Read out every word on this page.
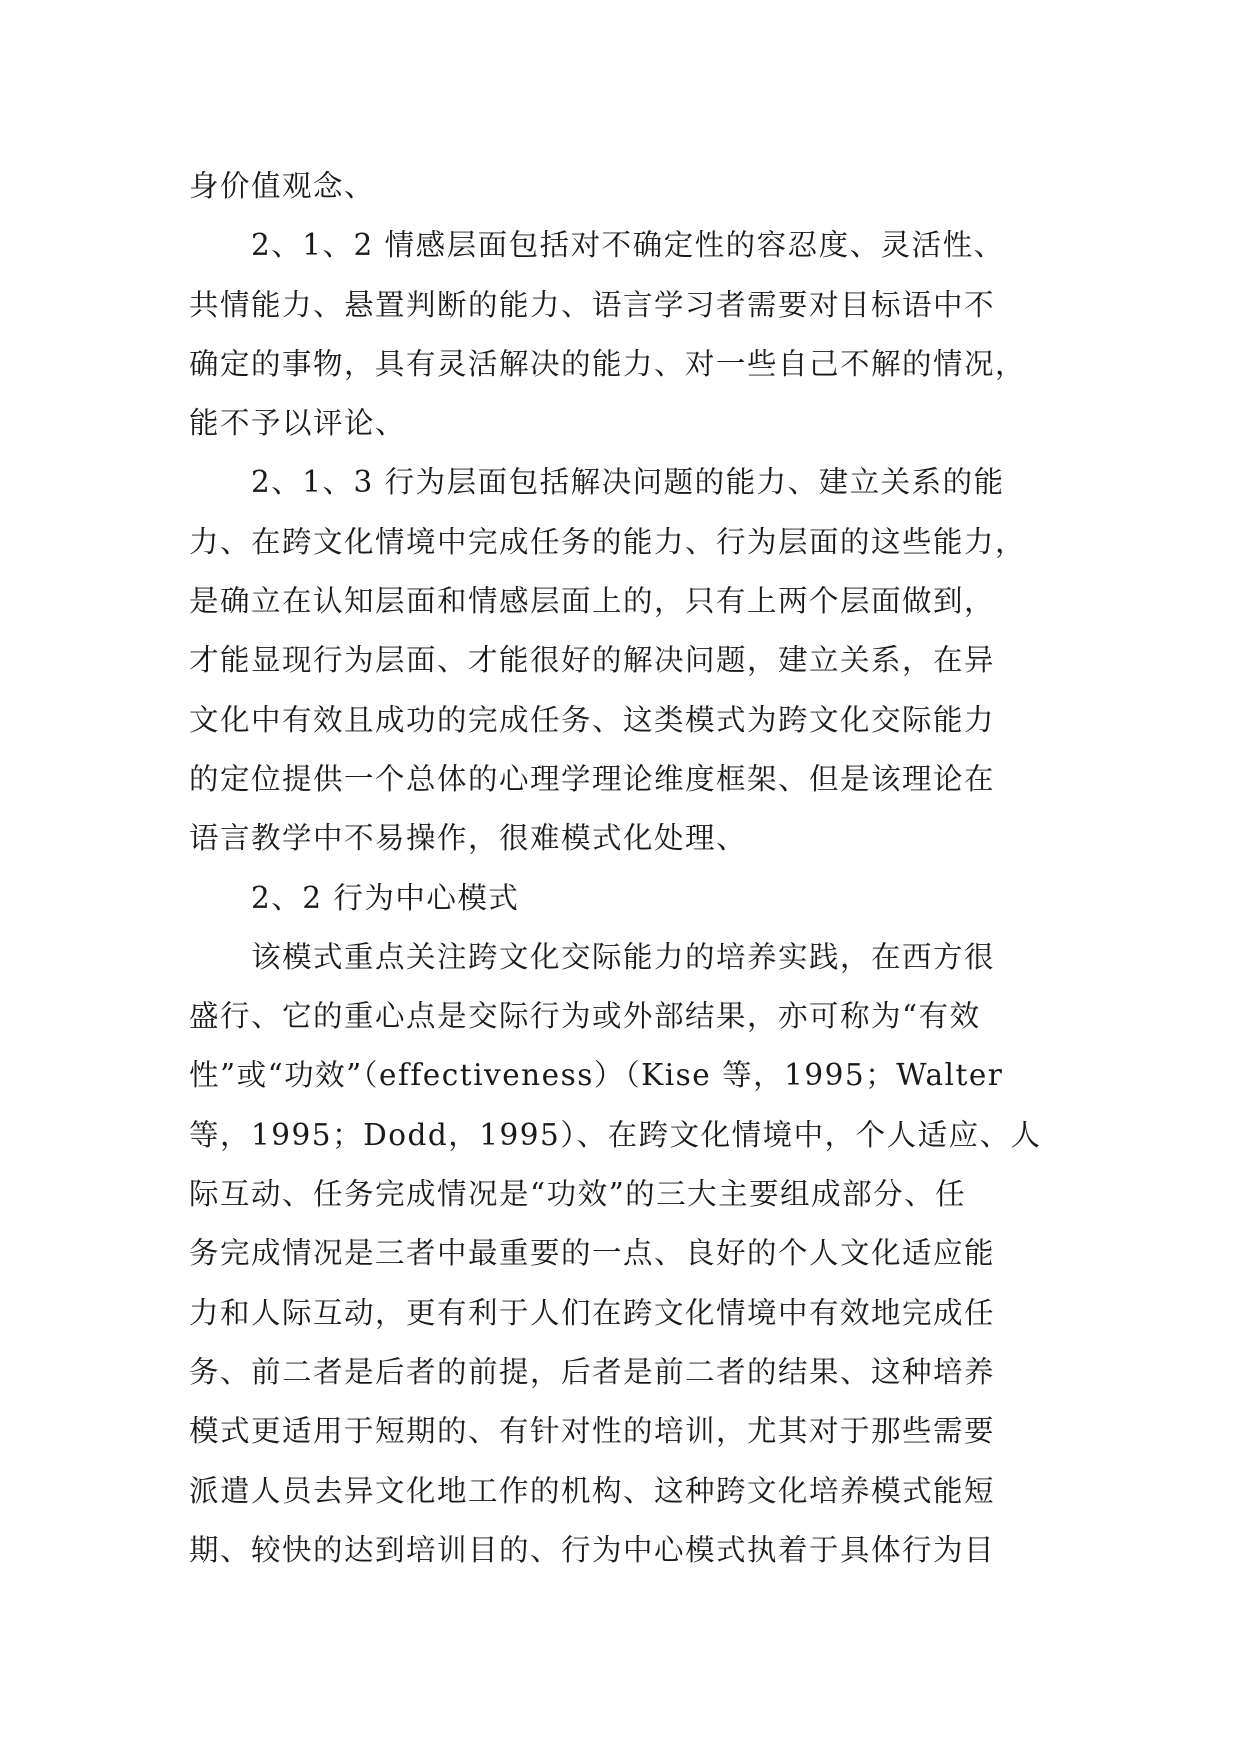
身价值观念、
2、1、2 情感层面包括对不确定性的容忍度、灵活性、
共情能力、悬置判断的能力、语言学习者需要对目标语中不
确定的事物，具有灵活解决的能力、对一些自己不解的情况，
能不予以评论、
2、1、3 行为层面包括解决问题的能力、建立关系的能
力、在跨文化情境中完成任务的能力、行为层面的这些能力，
是确立在认知层面和情感层面上的，只有上两个层面做到，
才能显现行为层面、才能很好的解决问题，建立关系，在异
文化中有效且成功的完成任务、这类模式为跨文化交际能力
的定位提供一个总体的心理学理论维度框架、但是该理论在
语言教学中不易操作，很难模式化处理、
2、2 行为中心模式
该模式重点关注跨文化交际能力的培养实践，在西方很
盛行、它的重心点是交际行为或外部结果，亦可称为“有效
性”或“功效”（effectiveness）（Kise 等，1995；Walter
等，1995；Dodd，1995）、在跨文化情境中，个人适应、人
际互动、任务完成情况是“功效”的三大主要组成部分、任
务完成情况是三者中最重要的一点、良好的个人文化适应能
力和人际互动，更有利于人们在跨文化情境中有效地完成任
务、前二者是后者的前提，后者是前二者的结果、这种培养
模式更适用于短期的、有针对性的培训，尤其对于那些需要
派遣人员去异文化地工作的机构、这种跨文化培养模式能短
期、较快的达到培训目的、行为中心模式执着于具体行为目
